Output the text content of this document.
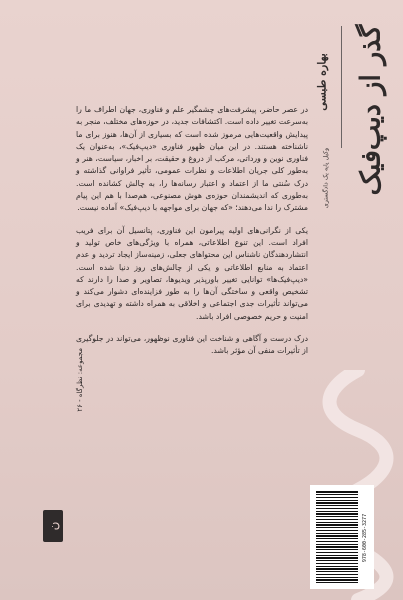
گذر از دیپ‌فیک
بهاره طبسی
وکیل پایه یک دادگستری

در عصر حاضر، پیشرفت‌های چشمگیر علم و فناوری، جهان اطراف ما را به‌سرعت تغییر داده است. اکتشافات جدید، در حوزه‌های مختلف، منجر به پیدایش واقعیت‌هایی مرموز شده است که بسیاری از آن‌ها، هنوز برای ما ناشناخته هستند. در این میان ظهور فناوری «دیپ‌فیک»، به‌عنوان یک فناوری نوین و ورداتی، مرکب از دروغ و حقیقت، بر اخبار، سیاست، هنر و به‌طور کلی جریان اطلاعات و نظرات عمومی، تأثیر فراوانی گذاشته و درک سُنتی ما از اعتماد و اعتبار رسانه‌ها را، به چالش کشانده است. به‌طوری که اندیشمندان حوزه‌ی هوش مصنوعی، هم‌صدا با هم این پیام مشترک را ندا می‌دهند؛ «که جهان برای مواجهه با دیپ‌فیک» آماده نیست.

یکی از نگرانی‌های اولیه پیرامون این فناوری، پتانسیل آن برای فریب افراد است. این تنوع اطلاعاتی، همراه با ویژگی‌های خاص تولید و انتشاردهندگان ناشناس این محتواهای جعلی، زمینه‌ساز ایجاد تردید و عدم اعتماد به منابع اطلاعاتی و یکی از چالش‌های روز دنیا شده است. «دیپ‌فیک‌ها» توانایی تغییر باورپذیر ویدیوها، تصاویر و صدا را دارند که تشخیص واقعی و ساختگی آن‌ها را به طور فزاینده‌ای دشوار می‌کند و می‌تواند تأثیرات جدی اجتماعی و اخلاقی به همراه داشته و تهدیدی برای امنیت و حریم خصوصی افراد باشد.

درک درست و آگاهی و شناخت این فناوری نوظهور، می‌تواند در جلوگیری از تأثیرات منفی آن مؤثر باشد.

مجموعه: نظرگاه - ۲۶
ن	978-600-285-3277
